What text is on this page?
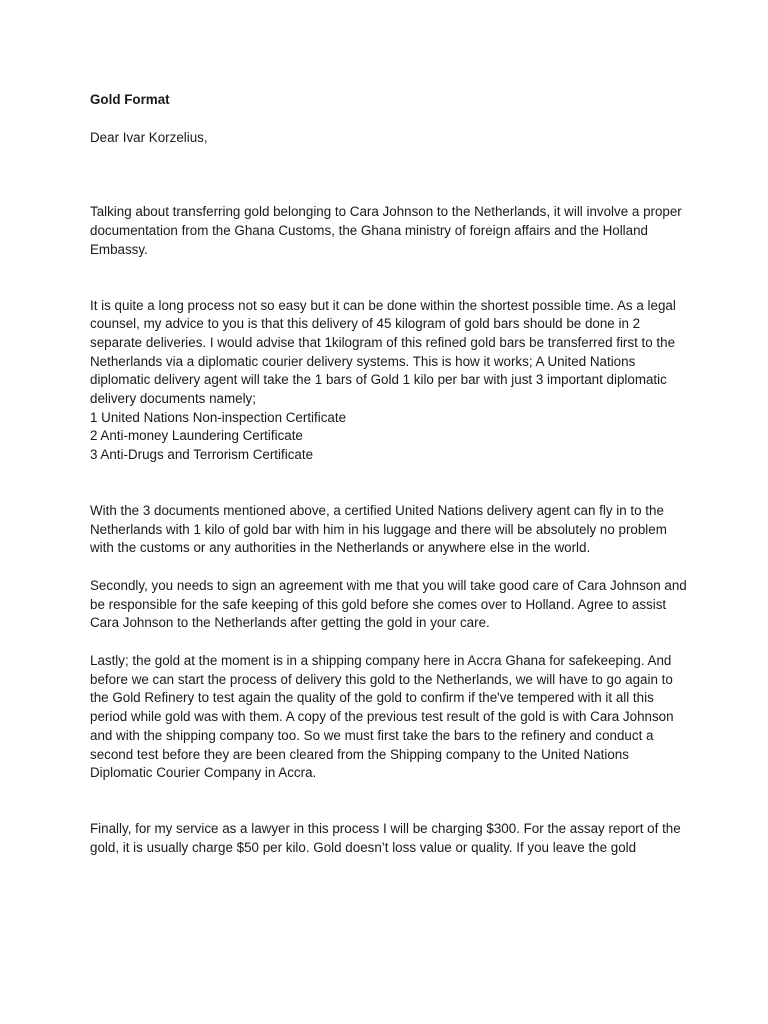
Gold Format

Dear Ivar Korzelius,

Talking about transferring gold belonging to Cara Johnson to the Netherlands, it will involve a proper documentation from the Ghana Customs, the Ghana ministry of foreign affairs and the Holland Embassy.

It is quite a long process not so easy but it can be done within the shortest possible time. As a legal counsel, my advice to you is that this delivery of 45 kilogram of gold bars should be done in 2 separate deliveries. I would advise that 1kilogram of this refined gold bars be transferred first to the Netherlands via a diplomatic courier delivery systems. This is how it works; A United Nations diplomatic delivery agent will take the 1 bars of Gold 1 kilo per bar with just 3 important diplomatic delivery documents namely;

1 United Nations Non-inspection Certificate

2 Anti-money Laundering Certificate

3 Anti-Drugs and Terrorism Certificate

With the 3 documents mentioned above, a certified United Nations delivery agent can fly in to the Netherlands with 1 kilo of gold bar with him in his luggage and there will be absolutely no problem with the customs or any authorities in the Netherlands or anywhere else in the world.

Secondly, you needs to sign an agreement with me that you will take good care of Cara Johnson and be responsible for the safe keeping of this gold before she comes over to Holland. Agree to assist Cara Johnson to the Netherlands after getting the gold in your care.

Lastly; the gold at the moment is in a shipping company here in Accra Ghana for safekeeping. And before we can start the process of delivery this gold to the Netherlands, we will have to go again to the Gold Refinery to test again the quality of the gold to confirm if the've tempered with it all this period while gold was with them. A copy of the previous test result of the gold is with Cara Johnson and with the shipping company too. So we must first take the bars to the refinery and conduct a second test before they are been cleared from the Shipping company to the United Nations Diplomatic Courier Company in Accra.

Finally, for my service as a lawyer in this process I will be charging $300. For the assay report of the gold, it is usually charge $50 per kilo. Gold doesn’t loss value or quality. If you leave the gold
